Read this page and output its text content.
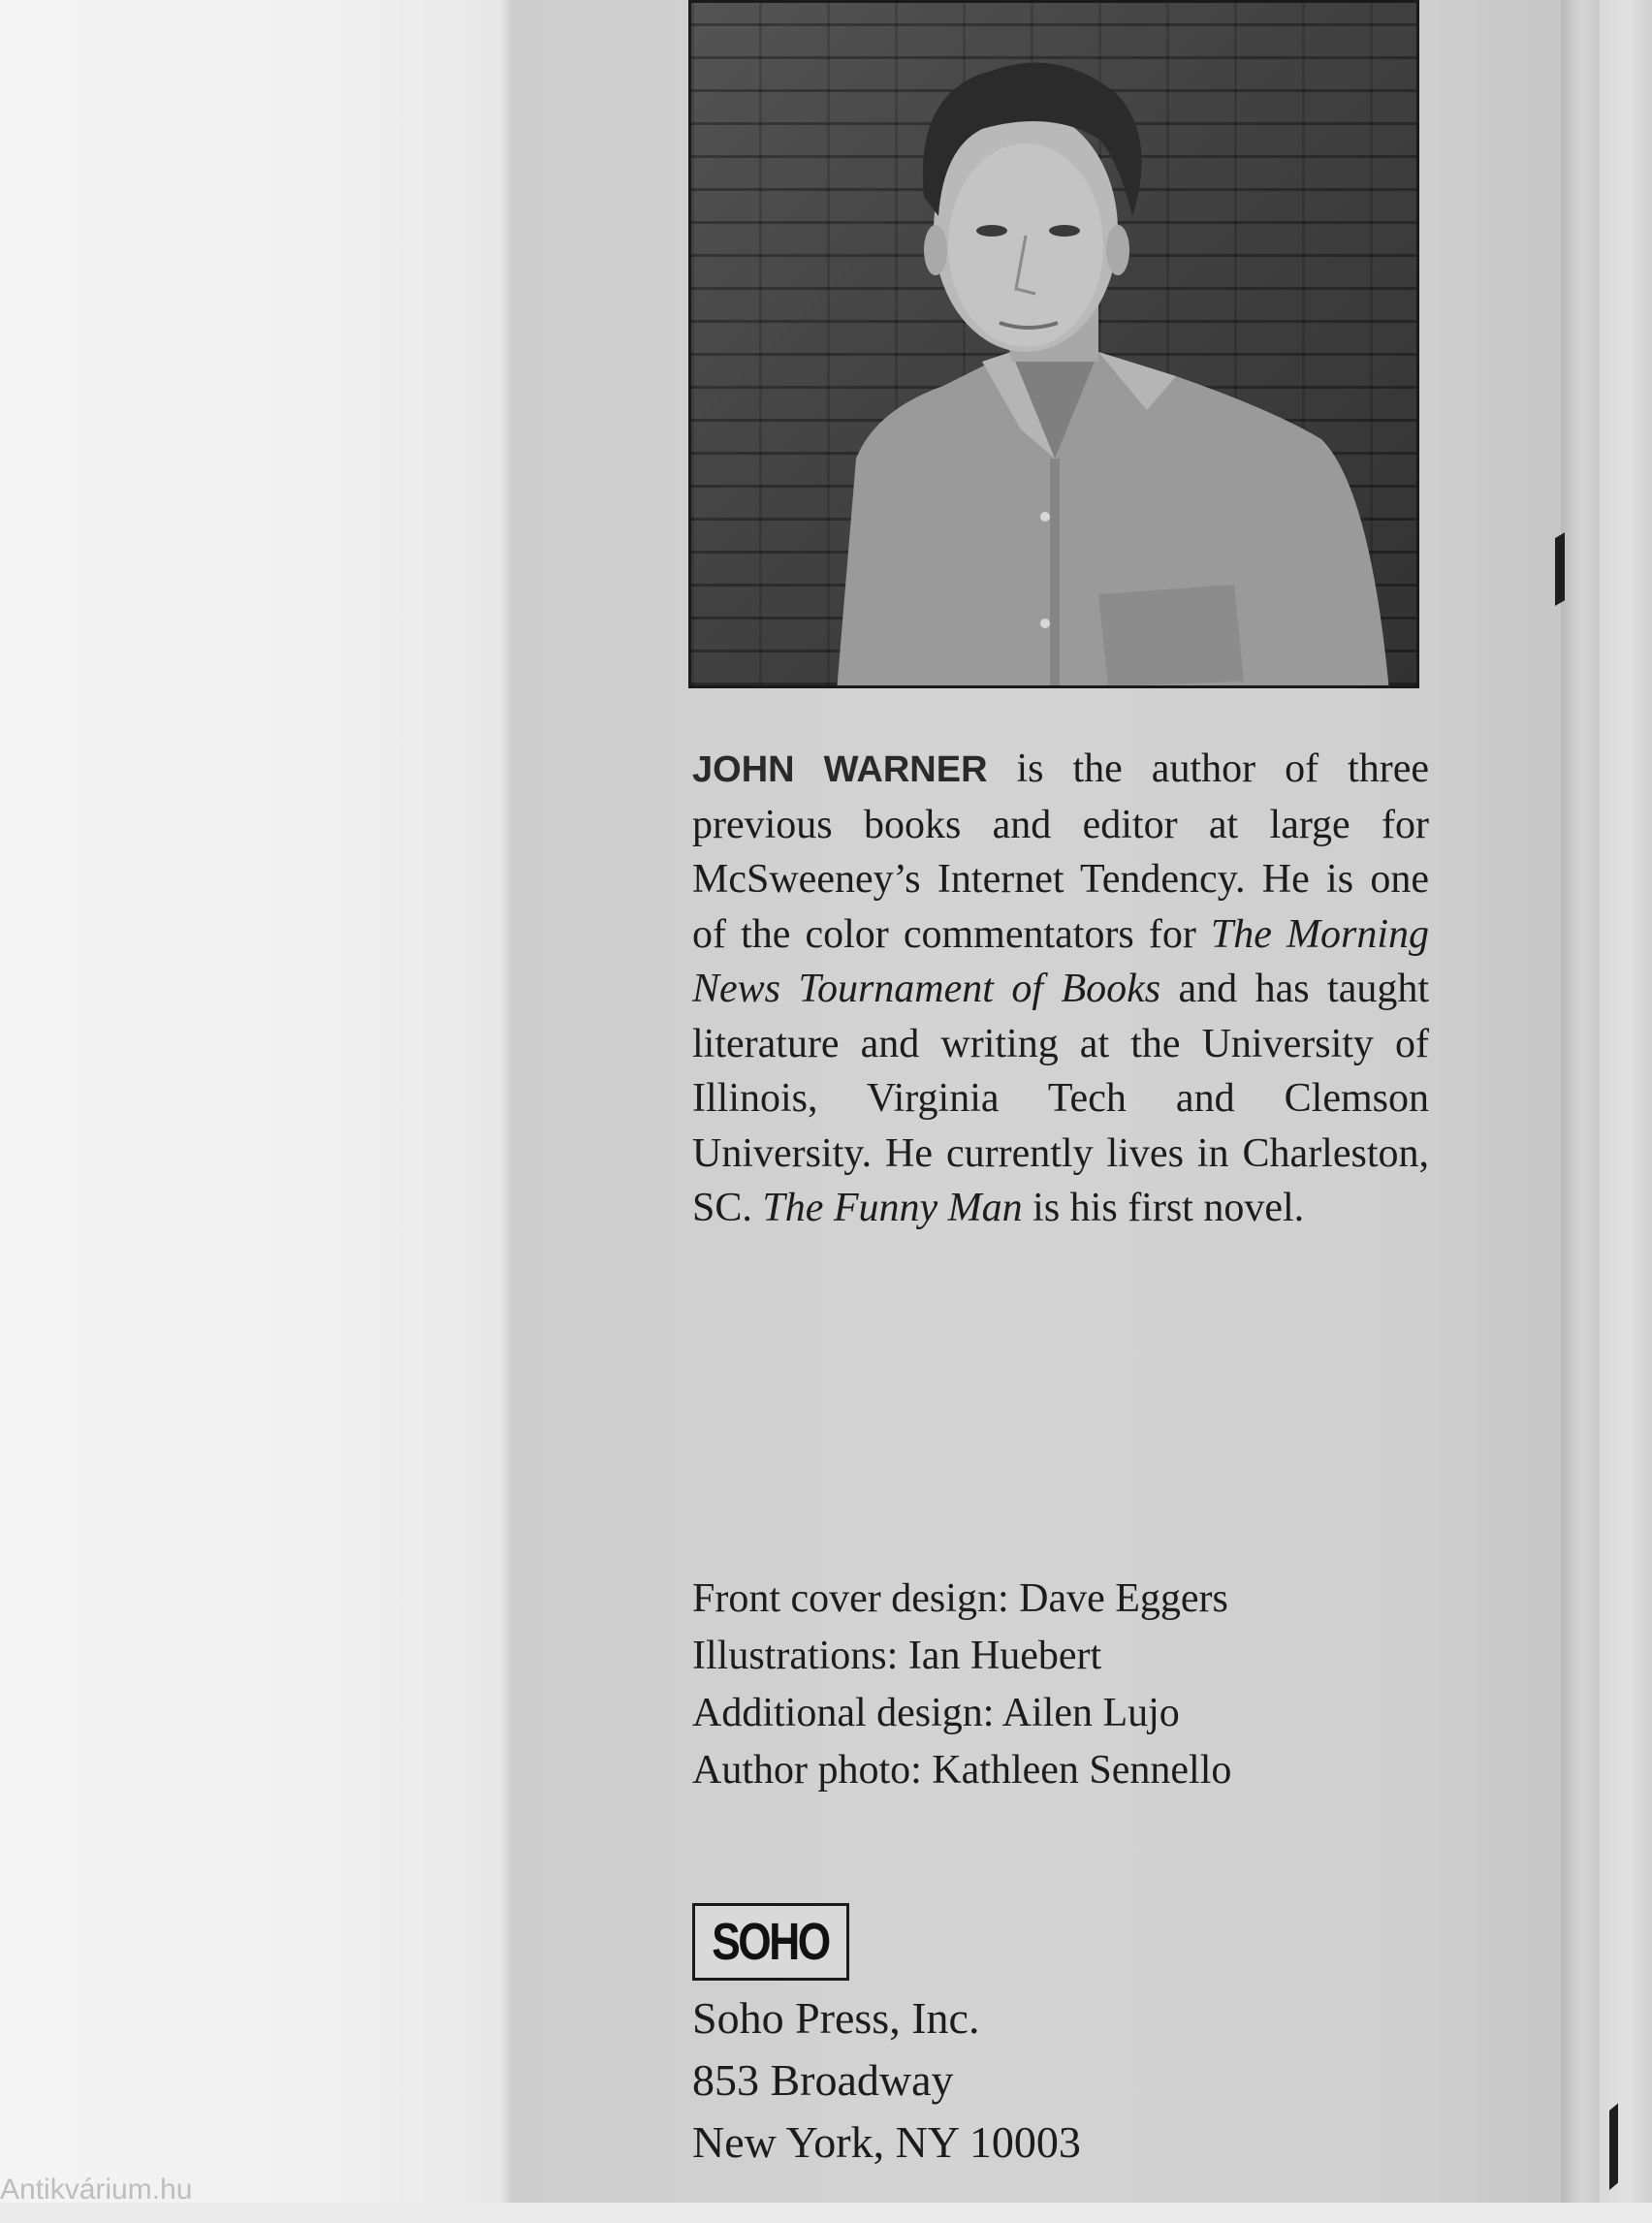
JOHN WARNER is the author of three previous books and editor at large for McSweeney’s Internet Tendency. He is one of the color commentators for The Morning News Tournament of Books and has taught literature and writing at the University of Illinois, Virginia Tech and Clemson University. He currently lives in Charleston, SC. The Funny Man is his first novel.

Front cover design: Dave Eggers
Illustrations: Ian Huebert
Additional design: Ailen Lujo
Author photo: Kathleen Sennello
SOHO
Soho Press, Inc.
853 Broadway
New York, NY 10003
Antikvárium.hu
